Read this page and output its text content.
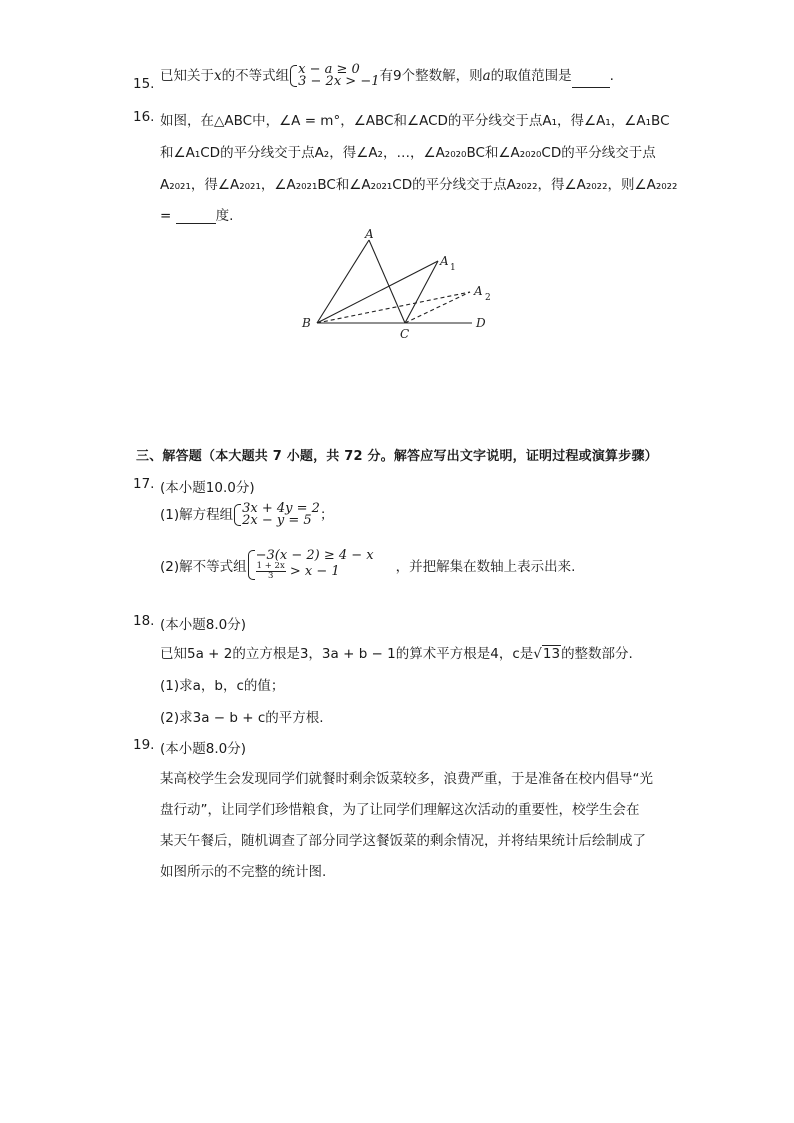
15. 已知关于x的不等式组 x − a ≥ 0
3 − 2x > −1 有9个整数解，则a的取值范围是	.
16. 如图，在△ABC中，∠A = m°，∠ABC和∠ACD的平分线交于点A₁，得∠A₁，∠A₁BC
和∠A₁CD的平分线交于点A₂，得∠A₂，…，∠A₂₀₂₀BC和∠A₂₀₂₀CD的平分线交于点
A₂₀₂₁，得∠A₂₀₂₁，∠A₂₀₂₁BC和∠A₂₀₂₁CD的平分线交于点A₂₀₂₂，得∠A₂₀₂₂，则∠A₂₀₂₂
=	度.
A
A 1
A 2
B
C
D
三、解答题（本大题共 7 小题，共 72 分。解答应写出文字说明，证明过程或演算步骤）
17. (本小题10.0分)
(1)解方程组 3x + 4y = 2
2x − y = 5 ；
(2)解不等式组
−3(x − 2) ≥ 4 − x
$\frac{1 + 2x}{3} > x - 1$	，并把解集在数轴上表示出来.
18. (本小题8.0分)
已知5a + 2的立方根是3，3a + b − 1的算术平方根是4，c是√13的整数部分.
(1)求a，b，c的值；
(2)求3a − b + c的平方根.
19. (本小题8.0分)
某高校学生会发现同学们就餐时剩余饭菜较多，浪费严重，于是准备在校内倡导“光
盘行动”，让同学们珍惜粮食，为了让同学们理解这次活动的重要性，校学生会在
某天午餐后，随机调查了部分同学这餐饭菜的剩余情况，并将结果统计后绘制成了
如图所示的不完整的统计图.
